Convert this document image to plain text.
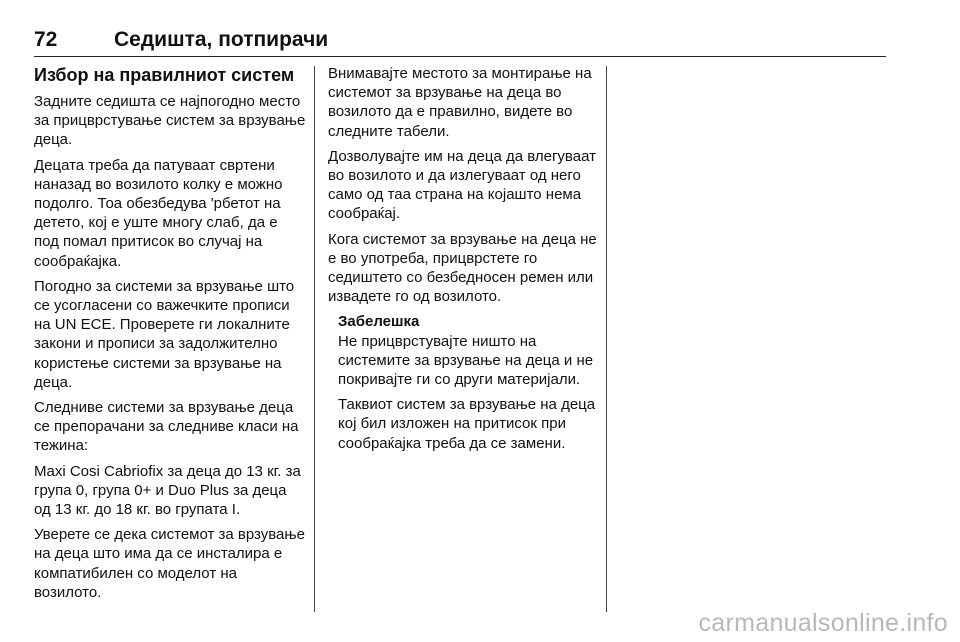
72	Седишта, потпирачи
Избор на правилниот систем

Задните седишта се најпогодно место за прицврстување систем за врзување деца.

Децата треба да патуваат свртени наназад во возилото колку е можно подолго. Тоа обезбедува 'рбетот на детето, кој е уште многу слаб, да е под помал притисок во случај на сообраќајка.

Погодно за системи за врзување што се усогласени со важечките прописи на UN ECE. Проверете ги локалните закони и прописи за задолжително користење системи за врзување на деца.

Следниве системи за врзување деца се препорачани за следниве класи на тежина:

Maxi Cosi Cabriofix за деца до 13 кг. за група 0, група 0+ и Duo Plus за деца од 13 кг. до 18 кг. во групата I.

Уверете се дека системот за врзување на деца што има да се инсталира е компатибилен со моделот на возилото.

Внимавајте местото за монтирање на системот за врзување на деца во возилото да е правилно, видете во следните табели.

Дозволувајте им на деца да влегуваат во возилото и да излегуваат од него само од таа страна на којашто нема сообраќај.

Кога системот за врзување на деца не е во употреба, прицврстете го седиштето со безбедносен ремен или извадете го од возилото.

Забелешка

Не прицврстувајте ништо на системите за врзување на деца и не покривајте ги со други материјали.

Таквиот систем за врзување на деца кој бил изложен на притисок при сообраќајка треба да се замени.

carmanualsonline.info
